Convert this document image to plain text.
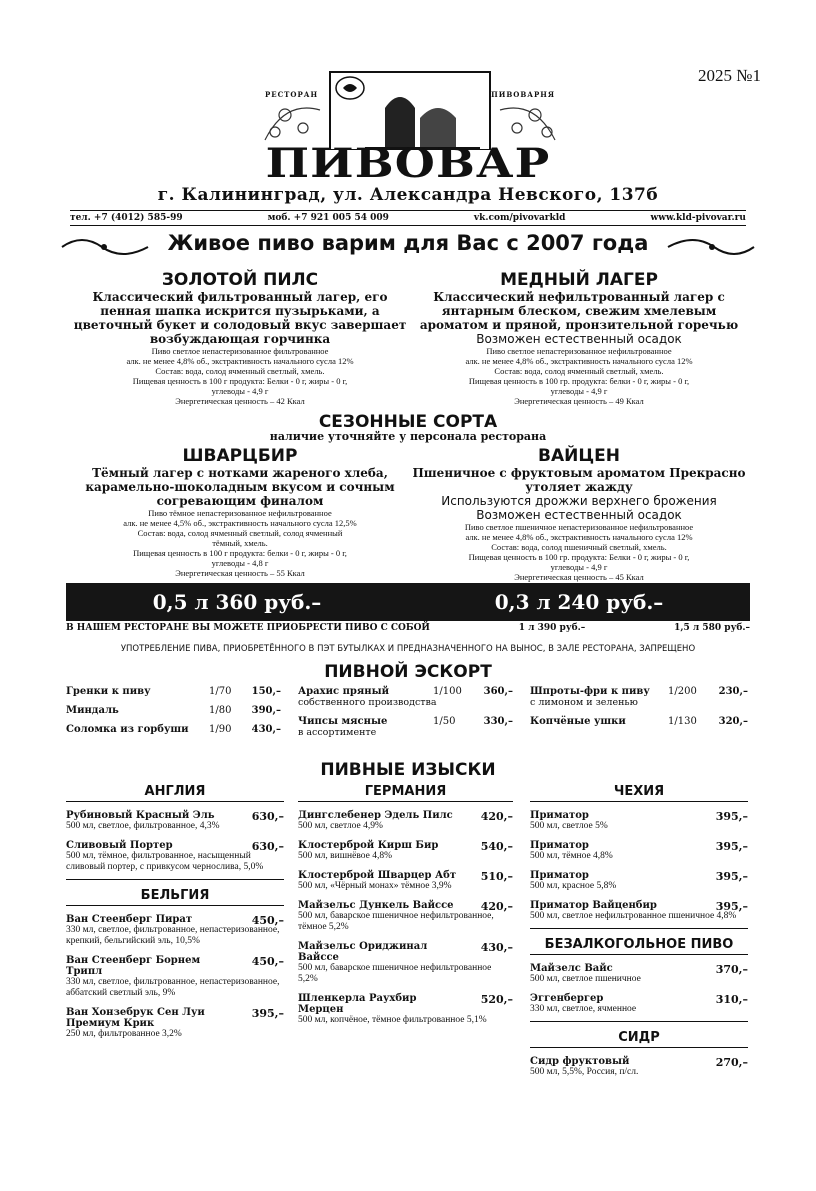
2025 №1
РЕСТОРАН	ПИВОВАРНЯ
ПИВОВАР
г. Калининград, ул. Александра Невского, 137б
тел. +7 (4012) 585-99	моб. +7 921 005 54 009	vk.com/pivovarkld	www.kld-pivovar.ru
Живое пиво варим для Вас с 2007 года
ЗОЛОТОЙ ПИЛС
Классический фильтрованный лагер, его пенная шапка искрится пузырьками, а цветочный букет и солодовый вкус завершает возбуждающая горчинка
Пиво светлое непастеризованное фильтрованное
алк. не менее 4,8% об., экстрактивность начального сусла 12%
Состав: вода, солод ячменный светлый, хмель.
Пищевая ценность в 100 г продукта: Белки - 0 г, жиры - 0 г,
углеводы - 4,9 г
Энергетическая ценность – 42 Ккал
МЕДНЫЙ ЛАГЕР
Классический нефильтрованный лагер с янтарным блеском, свежим хмелевым ароматом и пряной, пронзительной горечью
Возможен естественный осадок
Пиво светлое непастеризованное нефильтрованное
алк. не менее 4,8% об., экстрактивность начального сусла 12%
Состав: вода, солод ячменный светлый, хмель.
Пищевая ценность в 100 гр. продукта: белки - 0 г, жиры - 0 г,
углеводы - 4,9 г
Энергетическая ценность – 49 Ккал
СЕЗОННЫЕ СОРТА
наличие уточняйте у персонала ресторана
ШВАРЦБИР
Тёмный лагер с нотками жареного хлеба, карамельно-шоколадным вкусом и сочным согревающим финалом
Пиво тёмное непастеризованное нефильтрованное
алк. не менее 4,5% об., экстрактивность начального сусла 12,5%
Состав: вода, солод ячменный светлый, солод ячменный
тёмный, хмель.
Пищевая ценность в 100 г продукта: белки - 0 г, жиры - 0 г,
углеводы - 4,8 г
Энергетическая ценность – 55 Ккал
ВАЙЦЕН
Пшеничное с фруктовым ароматом Прекрасно утоляет жажду
Используются дрожжи верхнего брожения
Возможен естественный осадок
Пиво светлое пшеничное непастеризованное нефильтрованное
алк. не менее 4,8% об., экстрактивность начального сусла 12%
Состав: вода, солод пшеничный светлый, хмель.
Пищевая ценность в 100 гр. продукта: Белки - 0 г, жиры - 0 г,
углеводы - 4,9 г
Энергетическая ценность – 45 Ккал
0,5 л 360 руб.–	0,3 л 240 руб.–
В НАШЕМ РЕСТОРАНЕ ВЫ МОЖЕТЕ ПРИОБРЕСТИ ПИВО С СОБОЙ	1 л 390 руб.–	1,5 л 580 руб.–
УПОТРЕБЛЕНИЕ ПИВА, ПРИОБРЕТЁННОГО В ПЭТ БУТЫЛКАХ И ПРЕДНАЗНАЧЕННОГО НА ВЫНОС, В ЗАЛЕ РЕСТОРАНА, ЗАПРЕЩЕНО
ПИВНОЙ ЭСКОРТ
Гренки к пиву	1/70	150,–
Миндаль	1/80	390,–
Соломка из горбуши	1/90	430,–
Арахис пряный	1/100	360,–
собственного производства
Чипсы мясные	1/50	330,–
в ассортименте
Шпроты-фри к пиву	1/200	230,–
с лимоном и зеленью
Копчёные ушки	1/130	320,–
ПИВНЫЕ ИЗЫСКИ
АНГЛИЯ
Рубиновый Красный Эль	630,–
500 мл, светлое, фильтрованное, 4,3%
Сливовый Портер	630,–
500 мл, тёмное, фильтрованное, насыщенный сливовый портер, с привкусом чернослива, 5,0%
БЕЛЬГИЯ
Ван Стеенберг Пират	450,–
330 мл, светлое, фильтрованное, непастеризованное, крепкий, бельгийский эль, 10,5%
Ван Стеенберг Борнем Трипл
450,–
330 мл, светлое, фильтрованное, непастеризованное, аббатский светлый эль, 9%
Ван Хонзебрук Сен Луи Премиум Крик
395,–
250 мл, фильтрованное 3,2%
ГЕРМАНИЯ
Дингслебенер Эдель Пилс	420,–
500 мл, светлое 4,9%
Клостерброй Кирш Бир	540,–
500 мл, вишнёвое 4,8%
Клостерброй Шварцер Абт	510,–
500 мл, «Чёрный монах» тёмное 3,9%
Майзельс Дункель Вайссе	420,–
500 мл, баварское пшеничное нефильтрованное, тёмное 5,2%
Майзельс Ориджинал Вайссе
430,–
500 мл, баварское пшеничное нефильтрованное 5,2%
Шленкерла Раухбир Мерцен
520,–
500 мл, копчёное, тёмное фильтрованное 5,1%
ЧЕХИЯ
Приматор	395,–
500 мл, светлое 5%
Приматор	395,–
500 мл, тёмное 4,8%
Приматор	395,–
500 мл, красное 5,8%
Приматор Вайценбир	395,–
500 мл, светлое нефильтрованное пшеничное 4,8%
БЕЗАЛКОГОЛЬНОЕ ПИВО
Майзелс Вайс	370,–
500 мл, светлое пшеничное
Эггенбергер	310,–
330 мл, светлое, ячменное
СИДР
Сидр фруктовый	270,–
500 мл, 5,5%, Россия, п/сл.
